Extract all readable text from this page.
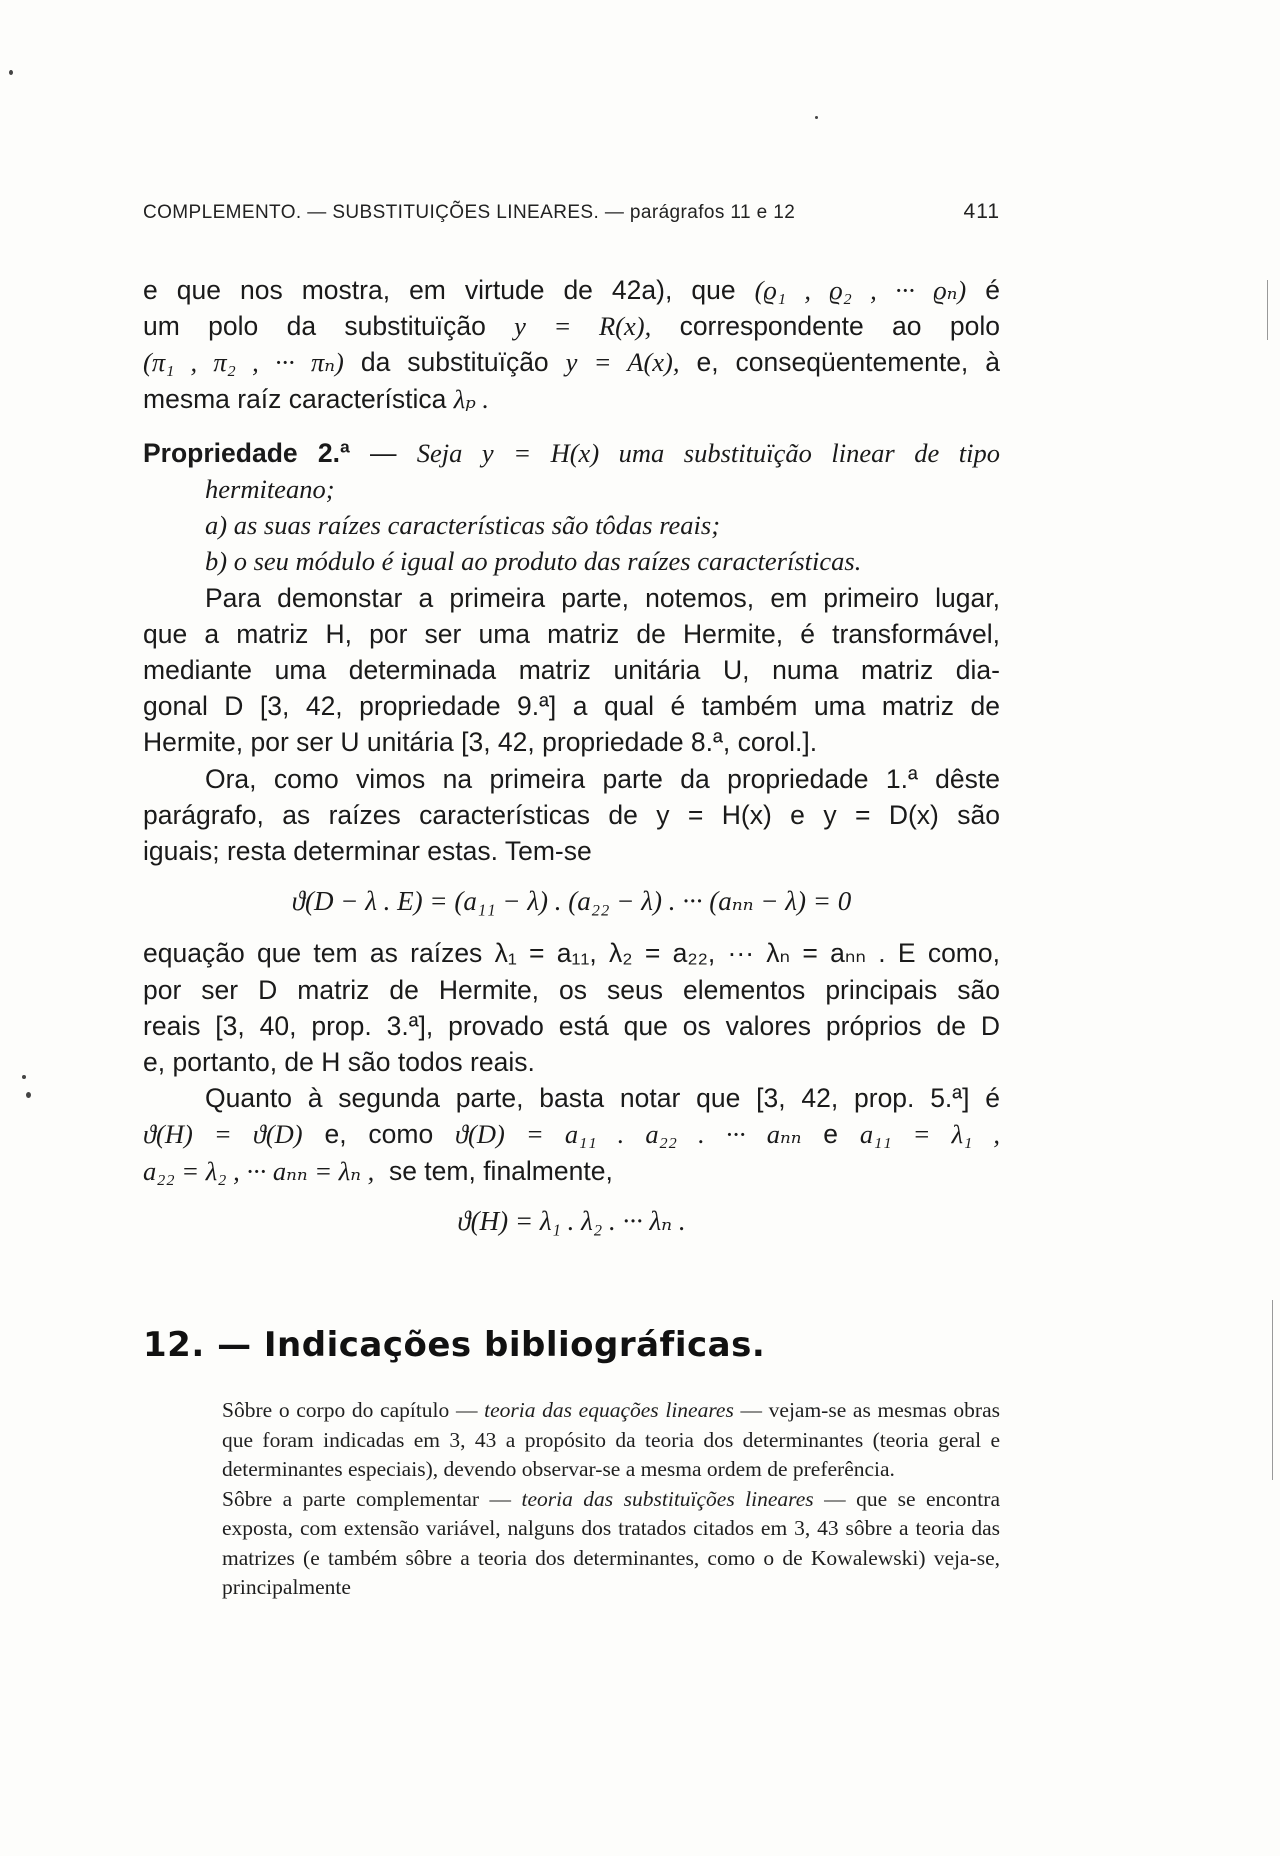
COMPLEMENTO. — SUBSTITUIÇÕES LINEARES. — parágrafos 11 e 12	411

e que nos mostra, em virtude de 42a), que (ϱ₁ , ϱ₂ , ··· ϱₙ) é

um polo da substituïção y = R(x), correspondente ao polo

(π₁ , π₂ , ··· πₙ) da substituïção y = A(x), e, conseqüentemente, à

mesma raíz característica λₚ .

Propriedade 2.ª — Seja y = H(x) uma substituïção linear de tipo

hermiteano;

a) as suas raízes características são tôdas reais;

b) o seu módulo é igual ao produto das raízes características.

Para demonstar a primeira parte, notemos, em primeiro lugar,

que a matriz H, por ser uma matriz de Hermite, é transformável,

mediante uma determinada matriz unitária U, numa matriz dia-

gonal D [3, 42, propriedade 9.ª] a qual é também uma matriz de

Hermite, por ser U unitária [3, 42, propriedade 8.ª, corol.].

Ora, como vimos na primeira parte da propriedade 1.ª dêste

parágrafo, as raízes características de y = H(x) e y = D(x) são

iguais; resta determinar estas. Tem-se

ϑ(D − λ . E) = (a₁₁ − λ) . (a₂₂ − λ) . ··· (aₙₙ − λ) = 0

equação que tem as raízes λ₁ = a₁₁, λ₂ = a₂₂, ··· λₙ = aₙₙ . E como,

por ser D matriz de Hermite, os seus elementos principais são

reais [3, 40, prop. 3.ª], provado está que os valores próprios de D

e, portanto, de H são todos reais.

Quanto à segunda parte, basta notar que [3, 42, prop. 5.ª] é

ϑ(H) = ϑ(D) e, como ϑ(D) = a₁₁ . a₂₂ . ··· aₙₙ e a₁₁ = λ₁ ,

a₂₂ = λ₂ , ··· aₙₙ = λₙ , se tem, finalmente,

ϑ(H) = λ₁ . λ₂ . ··· λₙ .
12. — Indicações bibliográficas.

Sôbre o corpo do capítulo — teoria das equações lineares — vejam-se as mesmas obras que foram indicadas em 3, 43 a propósito da teoria dos determinantes (teoria geral e determinantes especiais), devendo observar-se a mesma ordem de preferência.

Sôbre a parte complementar — teoria das substituïções lineares — que se encontra exposta, com extensão variável, nalguns dos tratados citados em 3, 43 sôbre a teoria das matrizes (e também sôbre a teoria dos determinantes, como o de Kowalewski) veja-se, principalmente
